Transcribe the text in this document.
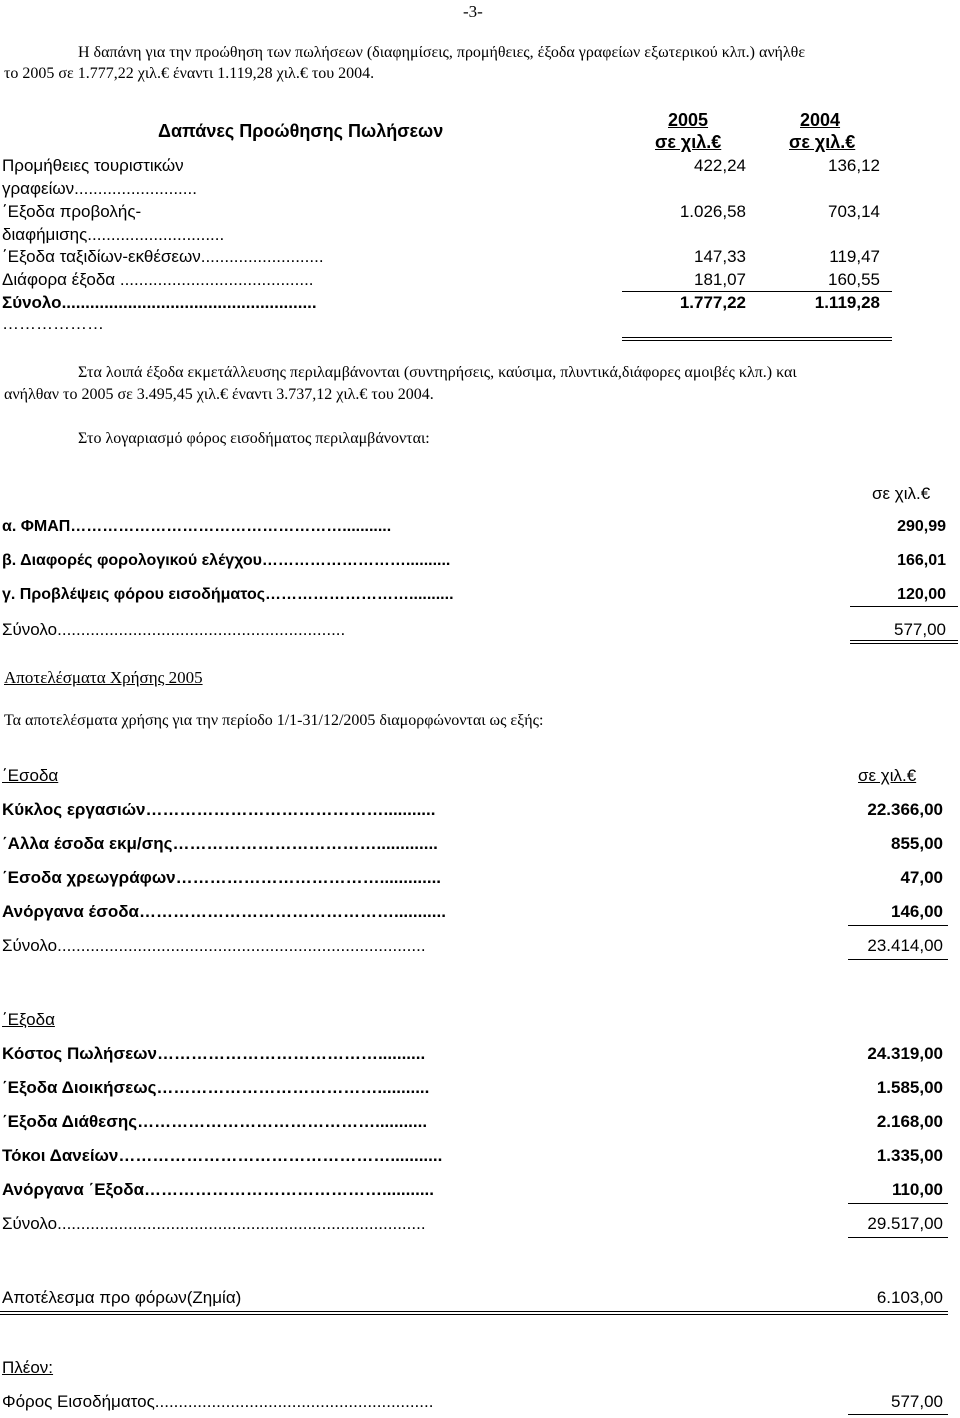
-3-
Η δαπάνη για την προώθηση των πωλήσεων (διαφημίσεις, προμήθειες, έξοδα γραφείων εξωτερικού κλπ.) ανήλθε
το 2005 σε 1.777,22 χιλ.€ έναντι 1.119,28 χιλ.€ του 2004.
Δαπάνες Προώθησης Πωλήσεων
2005
σε χιλ.€
2004
σε χιλ.€
Προμήθειες τουριστικών
γραφείων..........................
422,24	136,12
΄Εξοδα προβολής-
διαφήμισης.............................
1.026,58	703,14
΄Εξοδα ταξιδίων-εκθέσεων..........................	147,33	119,47
Διάφορα έξοδα .........................................	181,07	160,55
Σύνολο......................................................
………………
1.777,22	1.119,28
Στα λοιπά έξοδα εκμετάλλευσης περιλαμβάνονται (συντηρήσεις, καύσιμα, πλυντικά,διάφορες αμοιβές κλπ.) και
ανήλθαν το 2005 σε 3.495,45 χιλ.€ έναντι 3.737,12 χιλ.€ του 2004.
Στο λογαριασμό φόρος εισοδήματος περιλαμβάνονται:
σε χιλ.€
α. ΦΜΑΠ……………………………………………...........	290,99
β. Διαφορές φορολογικού ελέγχου………………………..........	166,01
γ. Προβλέψεις φόρου εισοδήματος………………………..........	120,00
Σύνολο.............................................................	577,00
Αποτελέσματα Χρήσης 2005
Τα αποτελέσματα χρήσης για την περίοδο 1/1-31/12/2005 διαμορφώνονται ως εξής:
΄Εσοδα	σε χιλ.€
Κύκλος εργασιών……………………………………...........	22.366,00
΄Αλλα έσοδα εκμ/σης……………………………….............	855,00
΄Εσοδα χρεωγράφων……………………………….............	47,00
Ανόργανα έσοδα………………………………………...........	146,00
Σύνολο..............................................................................	23.414,00
΄Εξοδα
Κόστος Πωλήσεων…………………………………..........	24.319,00
΄Εξοδα Διοικήσεως…………………………………...........	1.585,00
΄Εξοδα Διάθεσης……………………………………...........	2.168,00
Τόκοι Δανείων…………………………………………...........	1.335,00
Ανόργανα ΄Εξοδα……………………………………...........	110,00
Σύνολο..............................................................................	29.517,00
Αποτέλεσμα προ φόρων(Ζημία)	6.103,00
Πλέον:
Φόρος Εισοδήματος...........................................................	577,00
